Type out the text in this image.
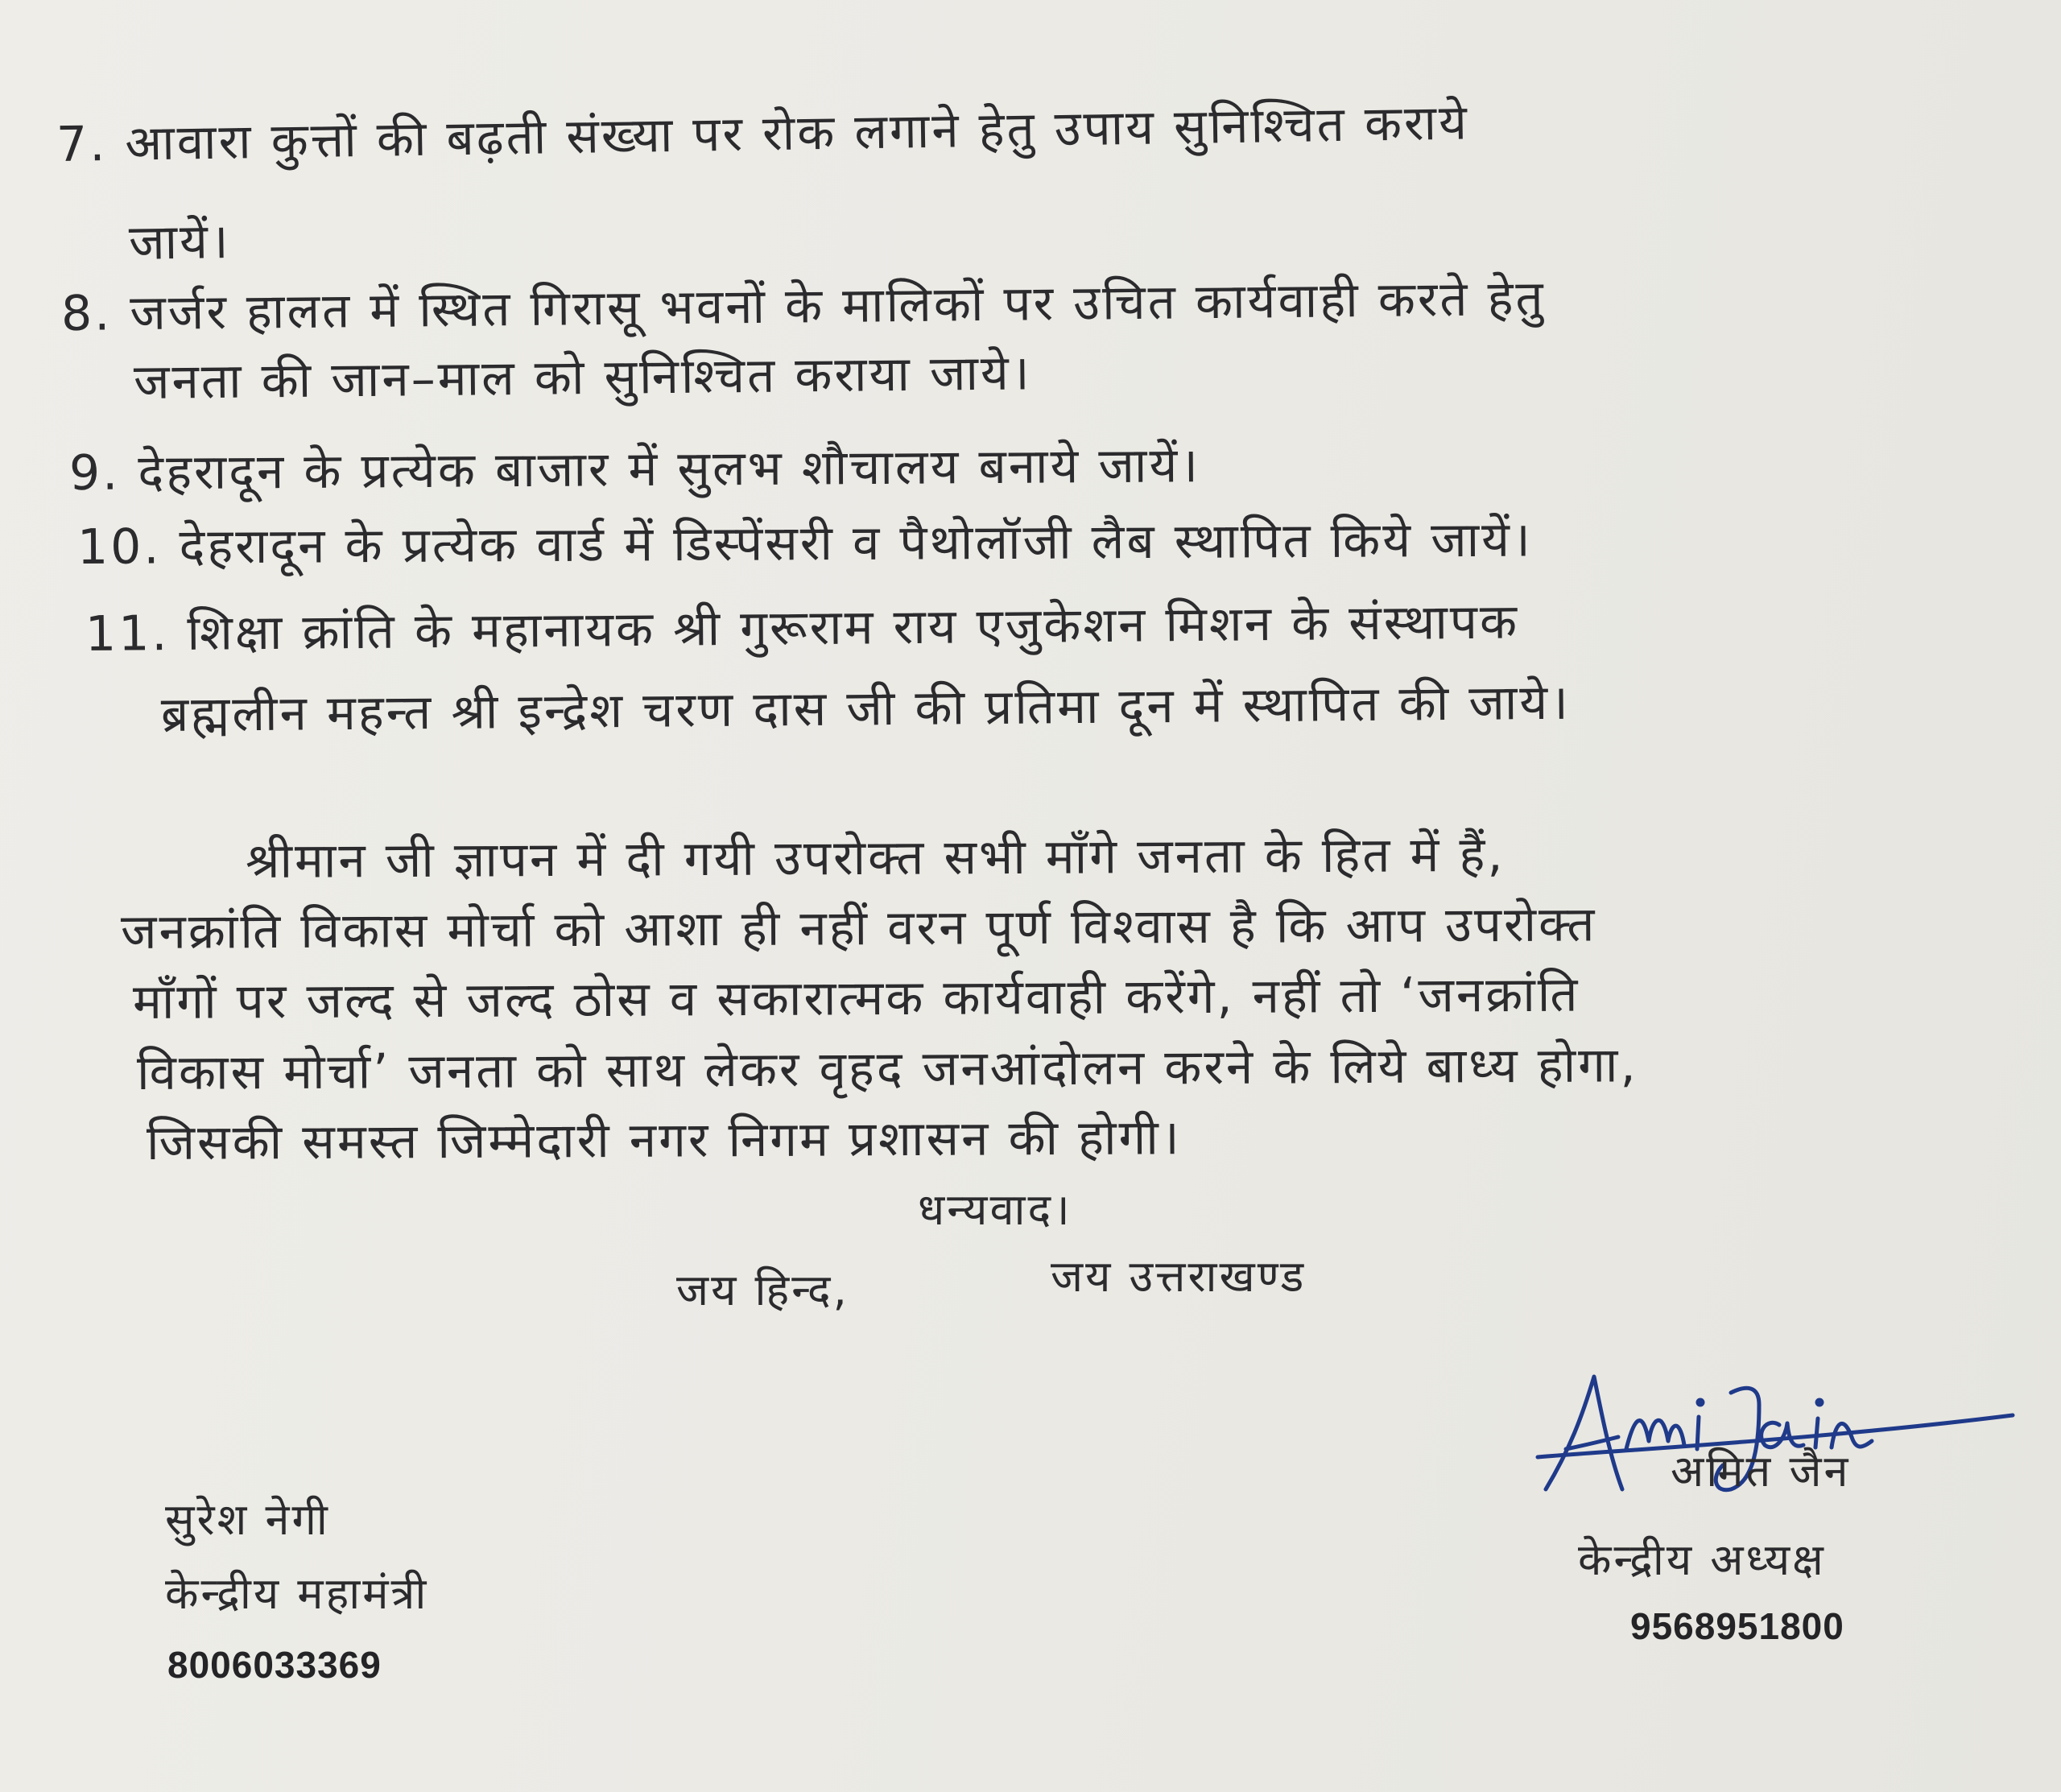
7. आवारा कुत्तों की बढ़ती संख्या पर रोक लगाने हेतु उपाय सुनिश्चित कराये
जायें।
8. जर्जर हालत में स्थित गिरासू भवनों के मालिकों पर उचित कार्यवाही करते हेतु
जनता की जान–माल को सुनिश्चित कराया जाये।
9. देहरादून के प्रत्येक बाजार में सुलभ शौचालय बनाये जायें।
10. देहरादून के प्रत्येक वार्ड में डिस्पेंसरी व पैथोलॉजी लैब स्थापित किये जायें।
11. शिक्षा क्रांति के महानायक श्री गुरूराम राय एजुकेशन मिशन के संस्थापक
ब्रह्मलीन महन्त श्री इन्द्रेश चरण दास जी की प्रतिमा दून में स्थापित की जाये।
श्रीमान जी ज्ञापन में दी गयी उपरोक्त सभी माँगे जनता के हित में हैं,
जनक्रांति विकास मोर्चा को आशा ही नहीं वरन पूर्ण विश्वास है कि आप उपरोक्त
माँगों पर जल्द से जल्द ठोस व सकारात्मक कार्यवाही करेंगे, नहीं तो ‘जनक्रांति
विकास मोर्चा’ जनता को साथ लेकर वृहद जनआंदोलन करने के लिये बाध्य होगा,
जिसकी समस्त जिम्मेदारी नगर निगम प्रशासन की होगी।
धन्यवाद।
जय हिन्द,	जय उत्तराखण्ड
अमित जैन
केन्द्रीय अध्यक्ष
9568951800
सुरेश नेगी
केन्द्रीय महामंत्री
8006033369
